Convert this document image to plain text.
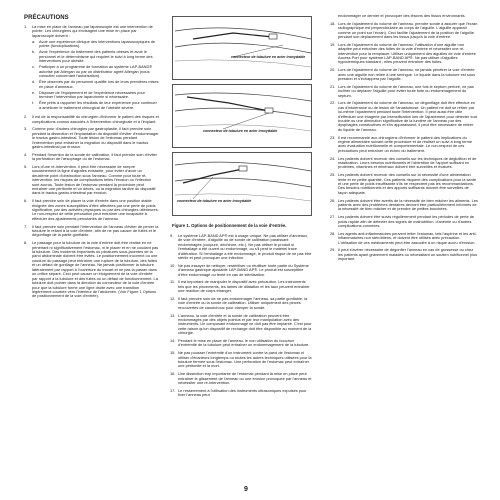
PRÉCAUTIONS
1.	La mise en place de l'anneau par laparoscopie est une intervention de pointe. Les chirurgiens qui envisagent une mise en place par laparoscopie doivent :
a. Avoir une expérience clinique des interventions laparoscopiques de pointe (fundoplications).
b. Avoir l'expérience du traitement des patients obèses et avoir le personnel et le déterminisme qui requiert le suivi à long terme des interventions pour obésité.
c.	Participer à un programme de formation au système LAP-BAND® autorisé par Allergan ou par un distributeur agréé Allergan (nous consulter concernant l'autorisation).
d. Être observés par du personnel qualifié lors de leurs premières mises en place d'anneaux.
e. Disposer de l'équipement et de l'expérience nécessaires pour terminer l'intervention par laparotomie si nécessaire.
f.	Être prêts à rapporter les résultats de leur expérience pour continuer à améliorer le traitement chirurgical de l'obésité sévère.
2.	Il est de la responsabilité du chirurgien d'informer le patient des risques et complications connus associés à l'intervention chirurgicale et à l'implant.
3.	Comme pour d'autres chirurgies par gastroplastie, il faut prendre soin pendant la dissection et l'implantation du dispositif d'éviter d'endommager le tractus gastro-intestinal. Toute lésion de l'estomac pendant l'intervention peut entraîner la migration du dispositif dans le tractus gastro-intestinal par érosion.
4.	Pendant l'insertion de la sonde de calibration, il faut prendre soin d'éviter la perforation de l'œsophage ou de l'estomac.
5.	Lors d'une ré-intervention, il peut être nécessaire de rompre soudainement la ligne d'agrafes existante, pour éviter d'avoir un deuxième point d'obstruction sous l'anneau. Comme pour toute ré-intervention, les risques de complications telles l'érosion ou l'infection sont accrus. Toute lésion de l'estomac pendant la procédure peut entraîner une péritonite et un décès, ou la migration tardive du dispositif dans le tractus gastro-intestinal par érosion.
6.	Il faut prendre soin de placer la voie d'entrée dans une position stable éloignée des zones susceptibles d'être affectées par une perte de poids significative, par des activités physiques ou par des chirurgies ultérieures. Le non-respect de cette précaution peut entraîner une incapacité à effectuer des ajustements percutanés de l'anneau.
7.	Il faut prendre soin pendant l'intervention de l'anneau d'éviter de percer la tubulure le reliant à la voie d'entrée, afin de ne pas causer de fuites et le dégonflage de la partie gonflable.
8.	Le passage pour la tubulure de la voie d'entrée doit être réalisé en ne pénétrant ni significativement l'estomac, ni le placer et en ne coudant pas la tubulure. Des incidents importants ou plicatures sous-jacentes de la paroi abdominale doivent être évités. Le positionnement incorrect ou une coudure du passage peut entraîner une rupture de la tubulure, des fuites et un défaut de gonflage de l'anneau. Ne jamais positionner la tubulure latéralement par rapport à l'ouverture du trocart et ne pas la passer dans un orifice séparé. Ceci peut causer un éloignement de la voie d'entrée par rapport à la tubulure et des fuites ou un défaut de fonctionnement. La tubulure doit pointer dans la direction du connecteur de la voie d'entrée pour que la tubulure forme une ligne droite avec une transition légèrement courbée vers l'intérieur de l'abdomen. (Voir Figure 1 Options de positionnement de la voie d'entrée).
connecteur de tubulure en acier inoxydable
connecteur de tubulure en acier inoxydable
connecteur de tubulure en acier inoxydable
Figure 1. Options de positionnement de la voie d'entrée.
9.	Le système LAP-BAND AP® est à usage unique. Ne pas utiliser d'anneaux, de voie d'entrée, d'aiguille ou de sonde de calibration paraissant endommagés (coupure, déchirure, etc.). Ne pas utiliser le produit si l'emballage a été ouvert ou endommagé, ou s'il perd le matériel trace d'altération. Si l'emballage a été endommagé, le produit risque de ne pas être stérile et peut provoquer une infection.
10. Ne pas essayer de nettoyer, restériliser ou réutiliser toute partie du Système d'anneau gastrique ajustable LAP-BAND AP®. Le produit est susceptible d'être endommagé ou tenté en cas de stérilisation.
11. Il est important de manipuler le dispositif avec précaution. Les instruments tels que les pincements, les lames de dilatation et les taux peuvent entraîner une réaction de corps étranger.
12. Il faut prendre soin de ne pas endommager l'anneau, sa partie gonflable, la voie d'entrée ou la sonde de calibration. Utiliser uniquement des pinces recouvertes de caoutchouc pour clamper la sonde.
13. L'anneau, la voie d'entrée et la sonde de calibration peuvent être endommagés par des objets pointus et par leur manipulation avec des instruments. Un composant endommagé ne doit pas être implanté. C'est pour cette raison qu'un dispositif de rechange doit être disponible au moment de la chirurgie.
14. Pendant le mise en place de l'anneau, le non utilisation du bouchon d'extrémité de la tubulure peut entraîner un endommagement de la tubulure.
15. Ne pas pousser l'extrémité d'un instrument contre la paroi de l'estomac ni utiliser d'écarteurs longtemps ou toutes les autres techniques utilisées pour la tubulure fermée sous l'estomac. Une perforation de l'estomac peut entraîner une péritonite et la mort.
16. Une dissection trop importante de l'estomac pendant la mise en place peut entraîner le glissement de l'anneau ou une érosion provoquée par l'anneau et nécessiter une ré-intervention.
17. Le resserrement à l'utilisation des instruments ultrasoniques expulsés pour fixer l'anneau peut
endommager ce dernier et provoquer des lésions des tissus environnants.
18. Lors de l'ajustement du volume de l'anneau, prendre sonde à assurer que l'écran radiographique est perpendiculaire au corps de l'aiguille. L'aiguille apparaît comme un point sur l'écran). Ceci facilite l'ajustement de la position de l'aiguille pendant son déplacement dans les tissus jusqu'à la voie d'entrée.
19. Lors de l'ajustement du volume de l'anneau, l'utilisation d'une aiguille non adaptée peut entraîner des fuites de la voie d'entrée et nécessiter une ré-intervention pour la remplacer. Utiliser uniquement des aiguilles de voie d'entrée Access Port pour système LAP-BAND AP®. Ne pas utiliser d'aiguilles hypodermiques standard ; elles peuvent entraîner des fuites.
20. Lors de l'ajustement du volume de l'anneau, ne jamais pénétrer la voie d'entrée avec une aiguille non reliée à une seringue. Le liquide dans la tubulure est sous pression et s'échappera par l'aiguille.
21. Lors de l'ajustement du volume de l'anneau, une fois le septum perforé, ne pas incliner ou déplacer l'aiguille pour éviter toute fuite ou endommagement du septum.
22. Lors de l'ajustement du volume de l'anneau, un dégonflage doit être effectué en cas d'intolérance ou de lésion de l'anastomose. Un patient ne doit se retirer par lui-même l'ajustement pendant toute l'intervention. Il peut aussi être utile d'effectuer une imagerie par intensification lors de l'ajustement pour détecter tout trouble ou une diminution significative de la lumière de l'anneau par des dysphagies consécutives et s'ils apparaissent, il peut être nécessaire de retirer du liquide de l'anneau.
23. Il est recommandé aux chirurgiens d'informer le patient des implications du régime alimentaire suivant cette procédure et de réaliser un suivi à long terme avec évaluation nutritionnelle et comportementale. Le non-respect de ces précautions peut entraîner un échec du traitement.
24. Les patients doivent recevoir des conseils sur les techniques de déglutition et de mastication. Leurs besoins nutritionnels et l'obtention de l'apport suffisant en protéines, vitamines et minéraux doivent être surveillés et évalués.
25. Les patients doivent recevoir des conseils sur la nécessité d'une alimentation lente et en petite quantité. Ces patients risquent des complications pour la santé et une perte de poids insuffisante s'ils ne respectent pas les recommandations. Des besoins nutritionnels et des apports suffisants doivent être surveillés de façon adéquate.
26. Les patients doivent être avertis de la nécessité de bien mâcher les aliments. Les patients avec des problèmes dentaires devront être particulièrement informés de la nécessité de bien mâcher et de prendre de petites bouchées.
27. Les patients doivent être suivis régulièrement pendant les périodes de perte de poids rapide afin de détecter des signes de malnutrition, d'anémie ou d'autres complications connexes.
28. Les agents anti-inflammatoires peuvent irriter l'estomac, tels l'aspirine et les anti-inflammatoires non stéroïdiens, et doivent être utilisés avec précaution. L'utilisation de ces médicaments peut être associée à un risque accru d'érosion.
29. Il peut s'avérer nécessaire de dégonfler l'anneau en cas de grossesse ou chez les patients ayant gravement malades ou nécessitant un soutien nutritionnel plus important.
9
